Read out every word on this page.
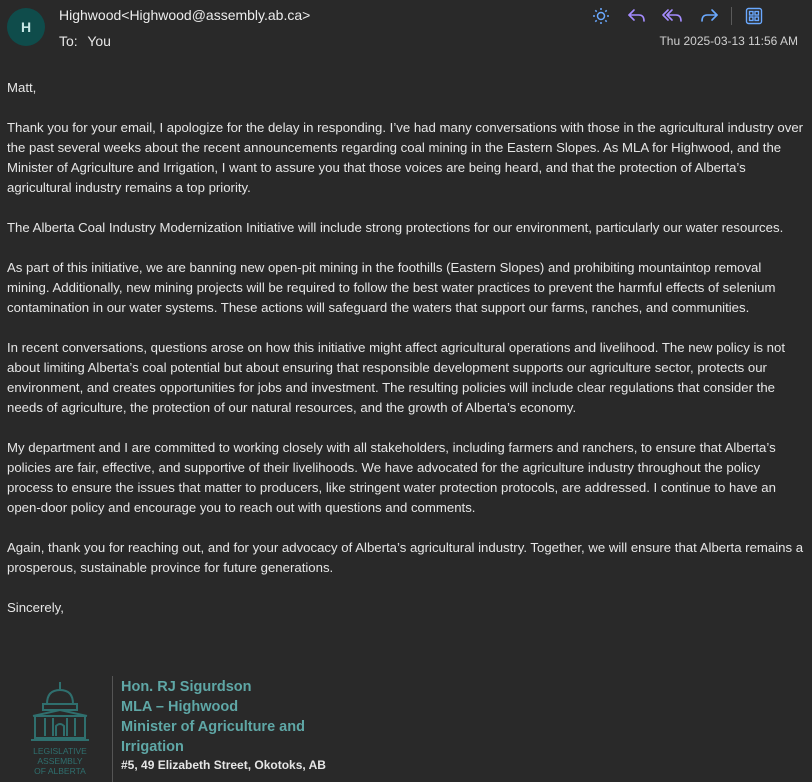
H
Highwood<Highwood@assembly.ab.ca>
To: You	Thu 2025-03-13 11:56 AM

Matt,

Thank you for your email, I apologize for the delay in responding. I’ve had many conversations with those in the agricultural industry over the past several weeks about the recent announcements regarding coal mining in the Eastern Slopes. As MLA for Highwood, and the Minister of Agriculture and Irrigation, I want to assure you that those voices are being heard, and that the protection of Alberta’s agricultural industry remains a top priority.

The Alberta Coal Industry Modernization Initiative will include strong protections for our environment, particularly our water resources.

As part of this initiative, we are banning new open-pit mining in the foothills (Eastern Slopes) and prohibiting mountaintop removal mining. Additionally, new mining projects will be required to follow the best water practices to prevent the harmful effects of selenium contamination in our water systems. These actions will safeguard the waters that support our farms, ranches, and communities.

In recent conversations, questions arose on how this initiative might affect agricultural operations and livelihood. The new policy is not about limiting Alberta’s coal potential but about ensuring that responsible development supports our agriculture sector, protects our environment, and creates opportunities for jobs and investment. The resulting policies will include clear regulations that consider the needs of agriculture, the protection of our natural resources, and the growth of Alberta’s economy.

My department and I are committed to working closely with all stakeholders, including farmers and ranchers, to ensure that Alberta’s policies are fair, effective, and supportive of their livelihoods. We have advocated for the agriculture industry throughout the policy process to ensure the issues that matter to producers, like stringent water protection protocols, are addressed. I continue to have an open-door policy and encourage you to reach out with questions and comments.

Again, thank you for reaching out, and for your advocacy of Alberta’s agricultural industry. Together, we will ensure that Alberta remains a prosperous, sustainable province for future generations.

Sincerely,

LEGISLATIVE
ASSEMBLY
OF ALBERTA
Hon. RJ Sigurdson
MLA – Highwood
Minister of Agriculture and
Irrigation
#5, 49 Elizabeth Street, Okotoks, AB
